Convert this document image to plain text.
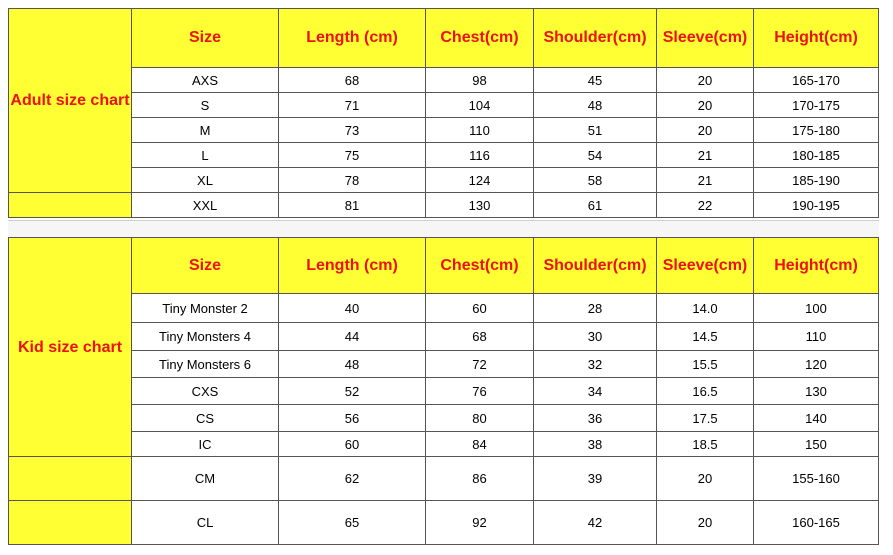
Adult size chart	Size	Length (cm)	Chest(cm)	Shoulder(cm)	Sleeve(cm)	Height(cm)
	AXS	68	98	45	20	165-170
	S	71	104	48	20	170-175
	M	73	110	51	20	175-180
	L	75	116	54	21	180-185
	XL	78	124	58	21	185-190
	XXL	81	130	61	22	190-195
Kid size chart	Size	Length (cm)	Chest(cm)	Shoulder(cm)	Sleeve(cm)	Height(cm)
	Tiny Monster 2	40	60	28	14.0	100
	Tiny Monsters 4	44	68	30	14.5	110
	Tiny Monsters 6	48	72	32	15.5	120
	CXS	52	76	34	16.5	130
	CS	56	80	36	17.5	140
	IC	60	84	38	18.5	150
	CM	62	86	39	20	155-160
	CL	65	92	42	20	160-165
